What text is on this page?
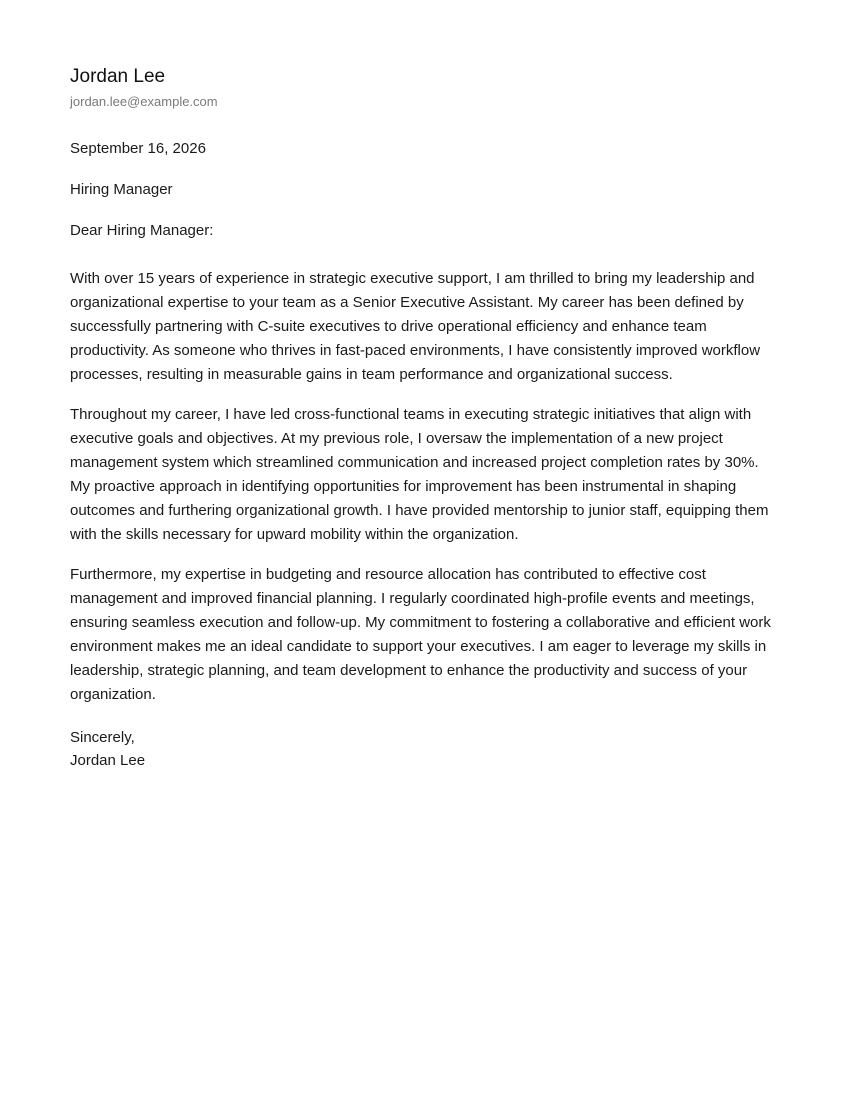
Jordan Lee
jordan.lee@example.com
September 16, 2026
Hiring Manager
Dear Hiring Manager:

With over 15 years of experience in strategic executive support, I am thrilled to bring my leadership and organizational expertise to your team as a Senior Executive Assistant. My career has been defined by successfully partnering with C-suite executives to drive operational efficiency and enhance team productivity. As someone who thrives in fast-paced environments, I have consistently improved workflow processes, resulting in measurable gains in team performance and organizational success.

Throughout my career, I have led cross-functional teams in executing strategic initiatives that align with executive goals and objectives. At my previous role, I oversaw the implementation of a new project management system which streamlined communication and increased project completion rates by 30%. My proactive approach in identifying opportunities for improvement has been instrumental in shaping outcomes and furthering organizational growth. I have provided mentorship to junior staff, equipping them with the skills necessary for upward mobility within the organization.

Furthermore, my expertise in budgeting and resource allocation has contributed to effective cost management and improved financial planning. I regularly coordinated high-profile events and meetings, ensuring seamless execution and follow-up. My commitment to fostering a collaborative and efficient work environment makes me an ideal candidate to support your executives. I am eager to leverage my skills in leadership, strategic planning, and team development to enhance the productivity and success of your organization.

Sincerely,
Jordan Lee
